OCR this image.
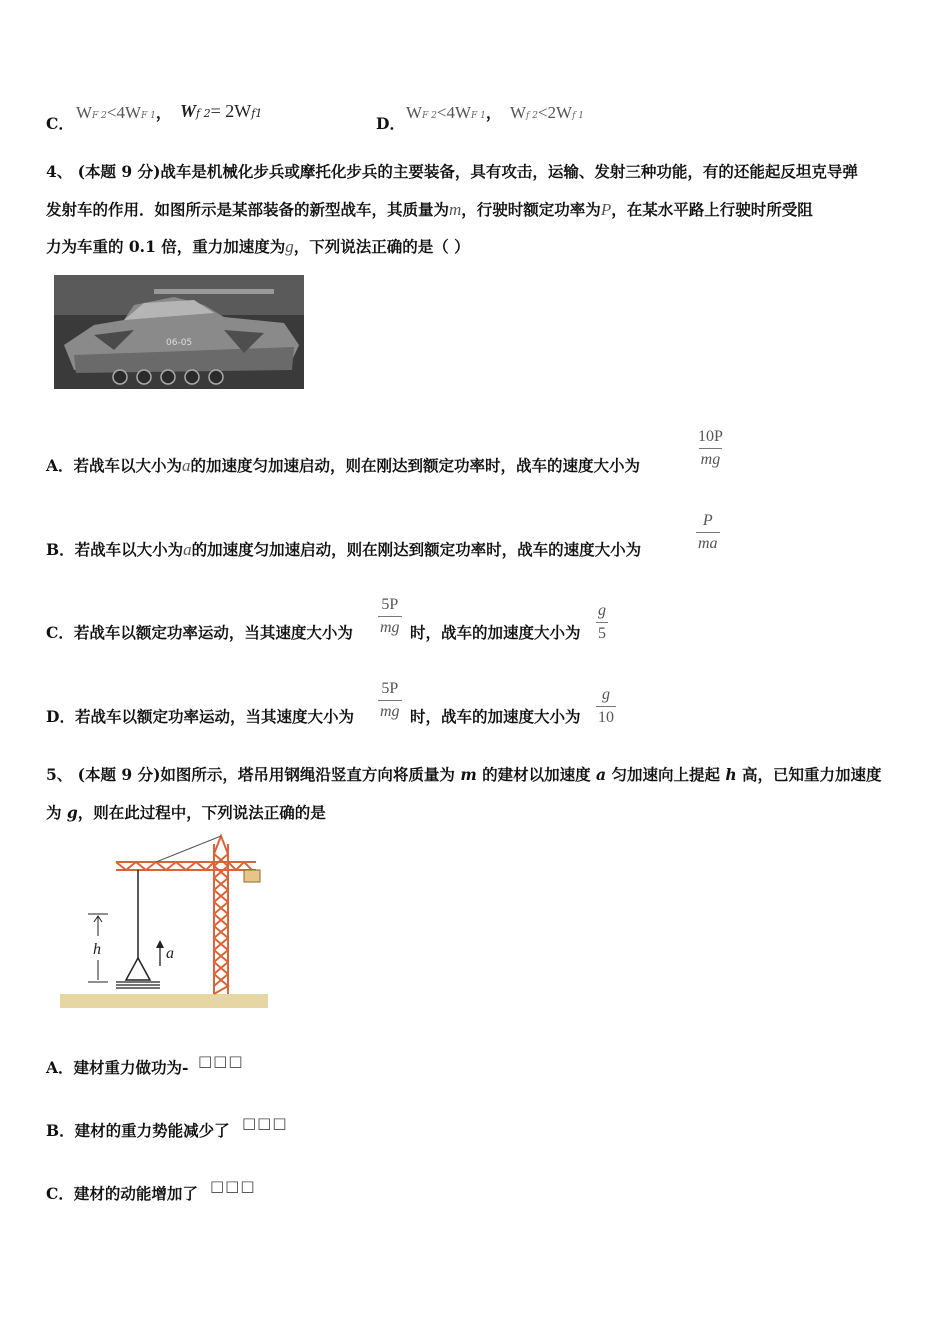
C．
WF 2<4WF 1， Wf 2= 2Wf1
D．
WF 2<4WF 1， Wf 2<2Wf 1
4、 (本题 9 分)战车是机械化步兵或摩托化步兵的主要装备，具有攻击，运输、发射三种功能，有的还能起反坦克导弹
发射车的作用．如图所示是某部装备的新型战车，其质量为m，行驶时额定功率为P，在某水平路上行驶时所受阻
力为车重的 0.1 倍，重力加速度为g，下列说法正确的是（ ）
06-05
A．若战车以大小为a的加速度匀加速启动，则在刚达到额定功率时，战车的速度大小为	$\frac{10P}{mg}$
B．若战车以大小为a的加速度匀加速启动，则在刚达到额定功率时，战车的速度大小为	$\frac{P}{ma}$
C．若战车以额定功率运动，当其速度大小为 $\frac{5P}{mg}$ 时，战车的加速度大小为 $\frac{g}{5}$
D．若战车以额定功率运动，当其速度大小为 $\frac{5P}{mg}$ 时，战车的加速度大小为 $\frac{g}{10}$
5、 (本题 9 分)如图所示，塔吊用钢绳沿竖直方向将质量为 m 的建材以加速度 a 匀加速向上提起 h 高，已知重力加速度
为 g，则在此过程中，下列说法正确的是
h	a
A．建材重力做功为- □□□
B．建材的重力势能减少了 □□□
C．建材的动能增加了 □□□
